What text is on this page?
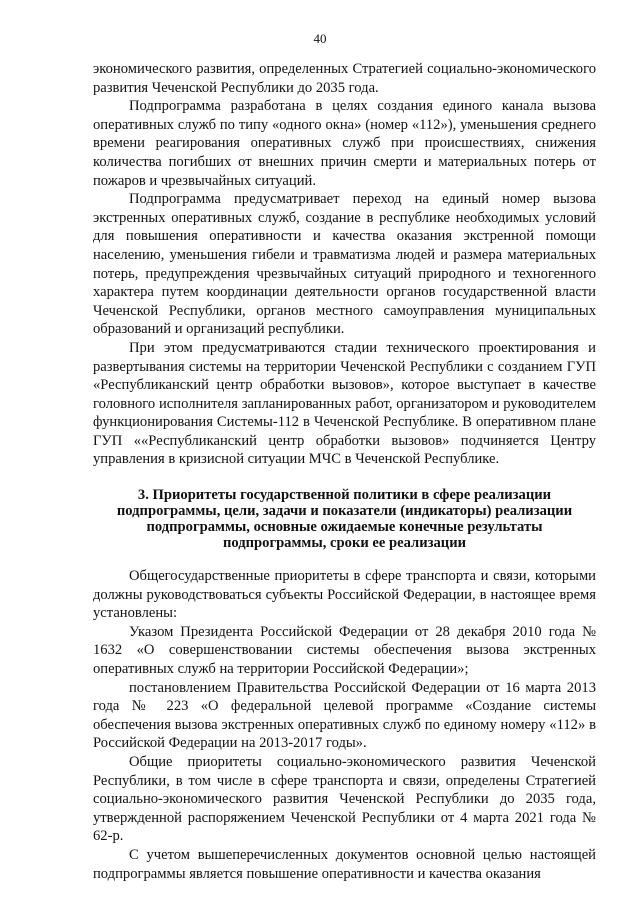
40

экономического развития, определенных Стратегией социально-экономического развития Чеченской Республики до 2035 года.

Подпрограмма разработана в целях создания единого канала вызова оперативных служб по типу «одного окна» (номер «112»), уменьшения среднего времени реагирования оперативных служб при происшествиях, снижения количества погибших от внешних причин смерти и материальных потерь от пожаров и чрезвычайных ситуаций.

Подпрограмма предусматривает переход на единый номер вызова экстренных оперативных служб, создание в республике необходимых условий для повышения оперативности и качества оказания экстренной помощи населению, уменьшения гибели и травматизма людей и размера материальных потерь, предупреждения чрезвычайных ситуаций природного и техногенного характера путем координации деятельности органов государственной власти Чеченской Республики, органов местного самоуправления муниципальных образований и организаций республики.

При этом предусматриваются стадии технического проектирования и развертывания системы на территории Чеченской Республики с созданием ГУП «Республиканский центр обработки вызовов», которое выступает в качестве головного исполнителя запланированных работ, организатором и руководителем функционирования Системы-112 в Чеченской Республике. В оперативном плане ГУП ««Республиканский центр обработки вызовов» подчиняется Центру управления в кризисной ситуации МЧС в Чеченской Республике.

3. Приоритеты государственной политики в сфере реализации
подпрограммы, цели, задачи и показатели (индикаторы) реализации
подпрограммы, основные ожидаемые конечные результаты
подпрограммы, сроки ее реализации

Общегосударственные приоритеты в сфере транспорта и связи, которыми должны руководствоваться субъекты Российской Федерации, в настоящее время установлены:

Указом Президента Российской Федерации от 28 декабря 2010 года № 1632 «О совершенствовании системы обеспечения вызова экстренных оперативных служб на территории Российской Федерации»;

постановлением Правительства Российской Федерации от 16 марта 2013 года № 223 «О федеральной целевой программе «Создание системы обеспечения вызова экстренных оперативных служб по единому номеру «112» в Российской Федерации на 2013-2017 годы».

Общие приоритеты социально-экономического развития Чеченской Республики, в том числе в сфере транспорта и связи, определены Стратегией социально-экономического развития Чеченской Республики до 2035 года, утвержденной распоряжением Чеченской Республики от 4 марта 2021 года № 62-р.

С учетом вышеперечисленных документов основной целью настоящей подпрограммы является повышение оперативности и качества оказания
